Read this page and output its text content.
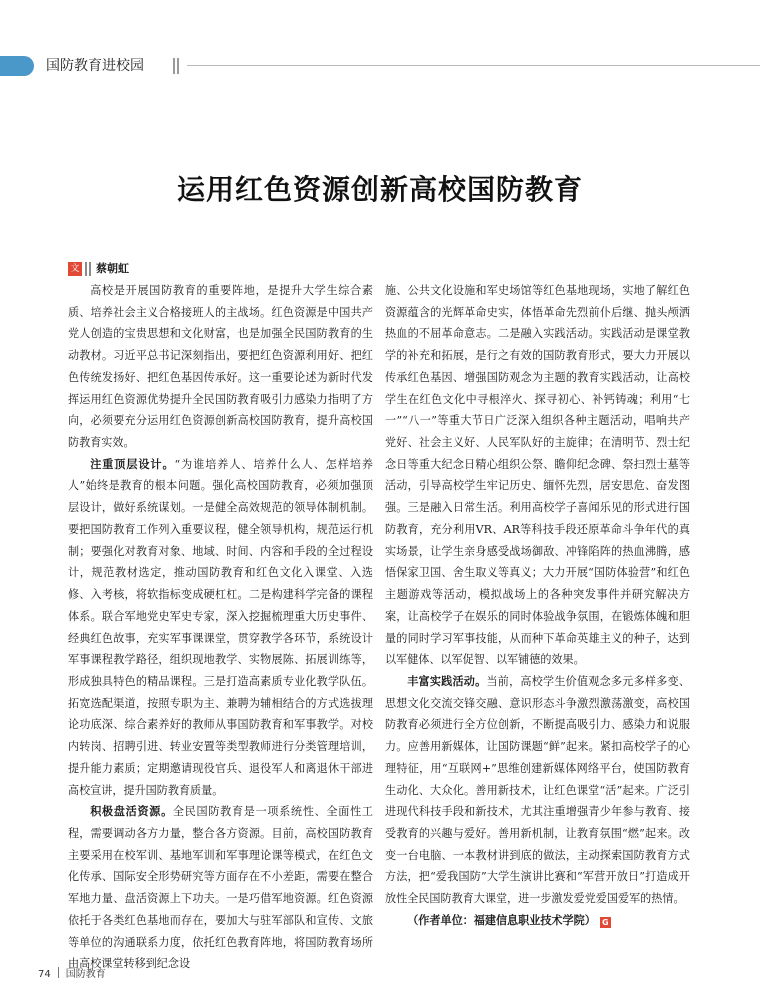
国防教育进校园
运用红色资源创新高校国防教育
文 蔡朝虹

高校是开展国防教育的重要阵地，是提升大学生综合素质、培养社会主义合格接班人的主战场。红色资源是中国共产党人创造的宝贵思想和文化财富，也是加强全民国防教育的生动教材。习近平总书记深刻指出，要把红色资源利用好、把红色传统发扬好、把红色基因传承好。这一重要论述为新时代发挥运用红色资源优势提升全民国防教育吸引力感染力指明了方向，必须要充分运用红色资源创新高校国防教育，提升高校国防教育实效。

注重顶层设计。“为谁培养人、培养什么人、怎样培养人”始终是教育的根本问题。强化高校国防教育，必须加强顶层设计，做好系统谋划。一是健全高效规范的领导体制机制。要把国防教育工作列入重要议程，健全领导机构，规范运行机制；要强化对教育对象、地域、时间、内容和手段的全过程设计，规范教材选定，推动国防教育和红色文化入课堂、入选修、入考核，将软指标变成硬杠杠。二是构建科学完备的课程体系。联合军地党史军史专家，深入挖掘梳理重大历史事件、经典红色故事，充实军事课课堂，贯穿教学各环节，系统设计军事课程教学路径，组织现地教学、实物展陈、拓展训练等，形成独具特色的精品课程。三是打造高素质专业化教学队伍。拓宽选配渠道，按照专职为主、兼聘为辅相结合的方式选拔理论功底深、综合素养好的教师从事国防教育和军事教学。对校内转岗、招聘引进、转业安置等类型教师进行分类管理培训，提升能力素质；定期邀请现役官兵、退役军人和离退休干部进高校宣讲，提升国防教育质量。

积极盘活资源。全民国防教育是一项系统性、全面性工程，需要调动各方力量，整合各方资源。目前，高校国防教育主要采用在校军训、基地军训和军事理论课等模式，在红色文化传承、国际安全形势研究等方面存在不小差距，需要在整合军地力量、盘活资源上下功夫。一是巧借军地资源。红色资源依托于各类红色基地而存在，要加大与驻军部队和宣传、文旅等单位的沟通联系力度，依托红色教育阵地，将国防教育场所由高校课堂转移到纪念设

施、公共文化设施和军史场馆等红色基地现场，实地了解红色资源蕴含的光辉革命史实，体悟革命先烈前仆后继、抛头颅洒热血的不屈革命意志。二是融入实践活动。实践活动是课堂教学的补充和拓展，是行之有效的国防教育形式，要大力开展以传承红色基因、增强国防观念为主题的教育实践活动，让高校学生在红色文化中寻根淬火、探寻初心、补钙铸魂；利用“七一”“八一”等重大节日广泛深入组织各种主题活动，唱响共产党好、社会主义好、人民军队好的主旋律；在清明节、烈士纪念日等重大纪念日精心组织公祭、瞻仰纪念碑、祭扫烈士墓等活动，引导高校学生牢记历史、缅怀先烈，居安思危、奋发图强。三是融入日常生活。利用高校学子喜闻乐见的形式进行国防教育，充分利用VR、AR等科技手段还原革命斗争年代的真实场景，让学生亲身感受战场御敌、冲锋陷阵的热血沸腾，感悟保家卫国、舍生取义等真义；大力开展“国防体验营”和红色主题游戏等活动，模拟战场上的各种突发事件并研究解决方案，让高校学子在娱乐的同时体验战争氛围，在锻炼体魄和胆量的同时学习军事技能，从而种下革命英雄主义的种子，达到以军健体、以军促智、以军铺德的效果。

丰富实践活动。当前，高校学生价值观念多元多样多变、思想文化交流交锋交融、意识形态斗争激烈激荡激变，高校国防教育必须进行全方位创新，不断提高吸引力、感染力和说服力。应善用新媒体，让国防课题“鲜”起来。紧扣高校学子的心理特征，用“互联网+”思维创建新媒体网络平台，使国防教育生动化、大众化。善用新技术，让红色课堂“活”起来。广泛引进现代科技手段和新技术，尤其注重增强青少年参与教育、接受教育的兴趣与爱好。善用新机制，让教育氛围“燃”起来。改变一台电脑、一本教材讲到底的做法，主动探索国防教育方式方法，把“爱我国防”大学生演讲比赛和“军营开放日”打造成开放性全民国防教育大课堂，进一步激发爱党爱国爱军的热情。

（作者单位：福建信息职业技术学院） G

74 国防教育
